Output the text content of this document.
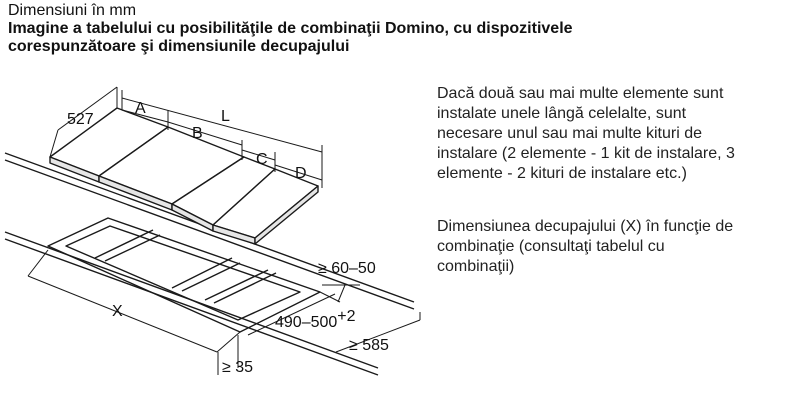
Dimensiuni în mm
Imagine a tabelului cu posibilităţile de combinaţii Domino, cu dispozitivele
corespunzătoare şi dimensiunile decupajului
527
A
B
C
D
L
X
≥ 60–50
490–500+2
≥ 585
≥ 35
Dacă două sau mai multe elemente sunt
instalate unele lângă celelalte, sunt
necesare unul sau mai multe kituri de
instalare (2 elemente - 1 kit de instalare, 3
elemente - 2 kituri de instalare etc.)
Dimensiunea decupajului (X) în funcţie de
combinaţie (consultaţi tabelul cu
combinaţii)
